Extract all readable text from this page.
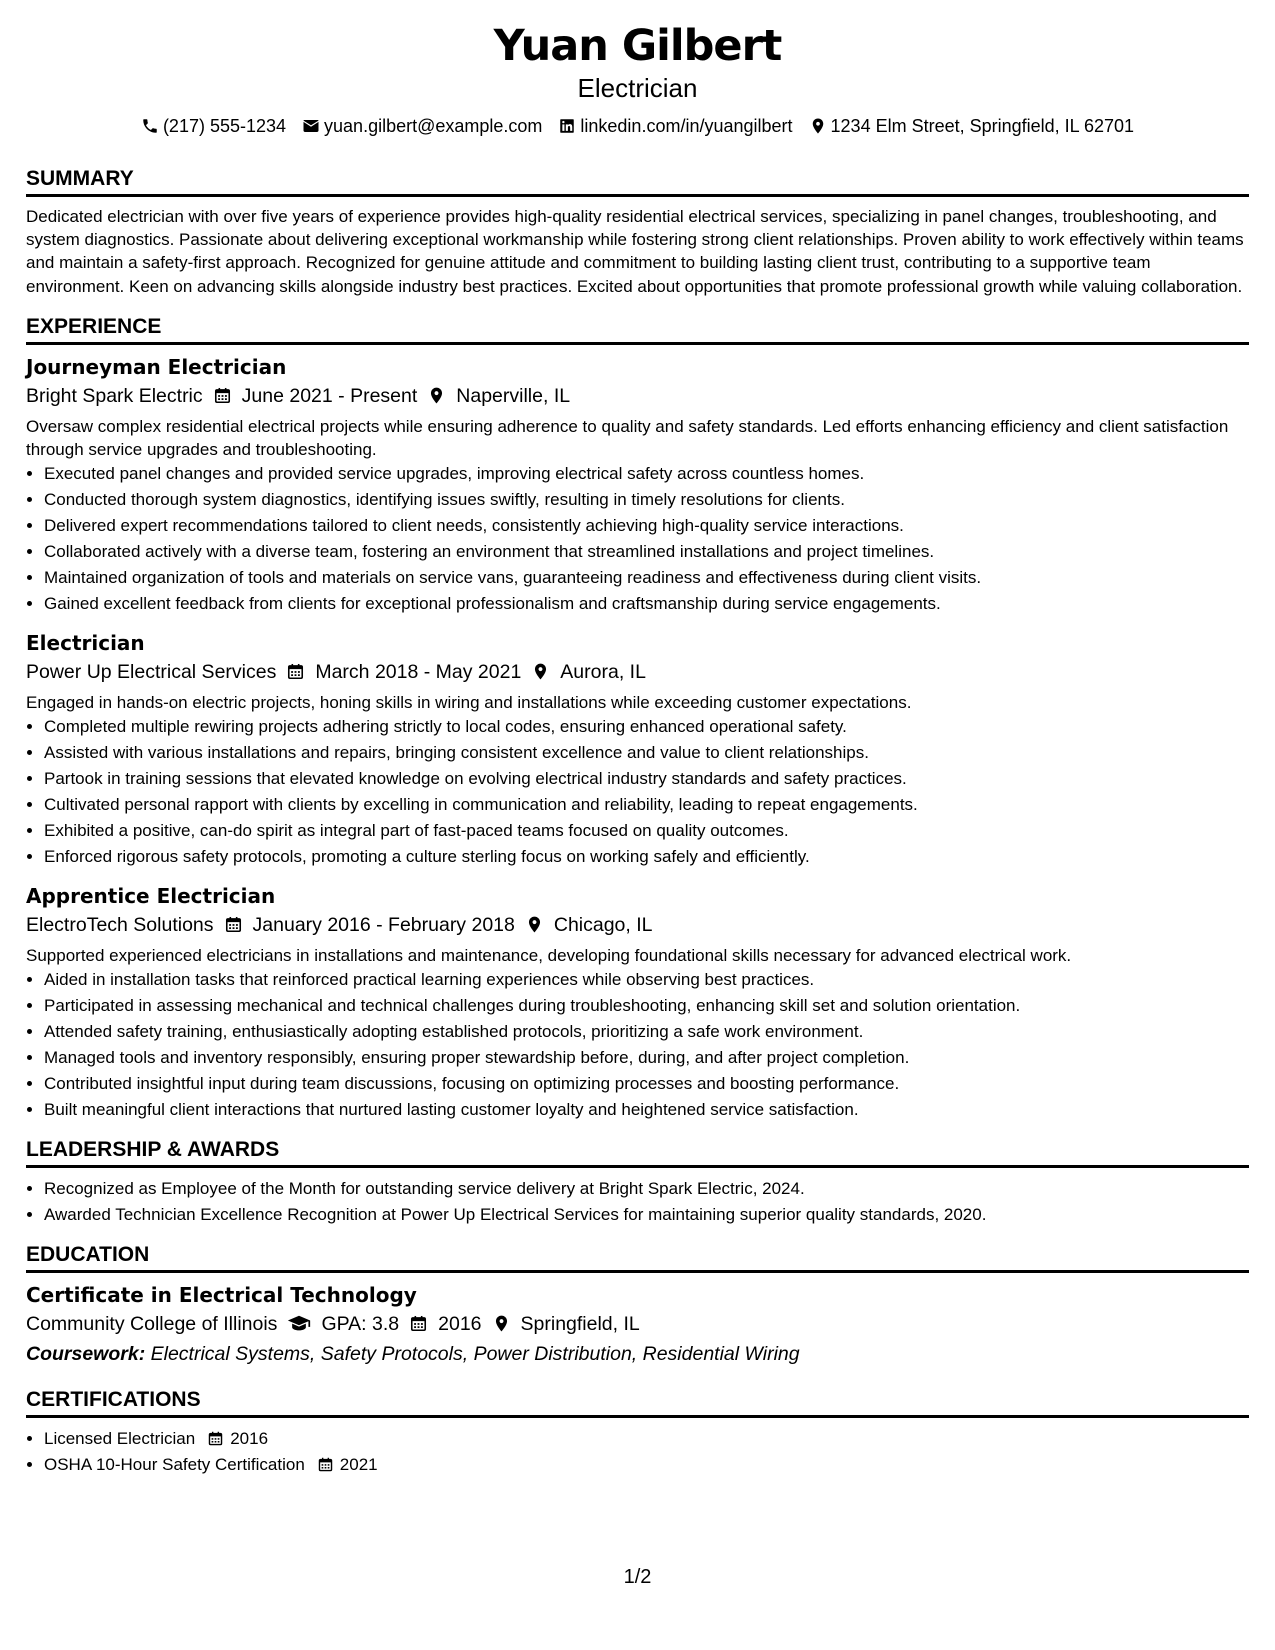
Yuan Gilbert
Electrician
(217) 555-1234 yuan.gilbert@example.com linkedin.com/in/yuangilbert 1234 Elm Street, Springfield, IL 62701
SUMMARY

Dedicated electrician with over five years of experience provides high-quality residential electrical services, specializing in panel changes, troubleshooting, and system diagnostics. Passionate about delivering exceptional workmanship while fostering strong client relationships. Proven ability to work effectively within teams and maintain a safety-first approach. Recognized for genuine attitude and commitment to building lasting client trust, contributing to a supportive team environment. Keen on advancing skills alongside industry best practices. Excited about opportunities that promote professional growth while valuing collaboration.

EXPERIENCE
Journeyman Electrician
Bright Spark Electric June 2021 - Present Naperville, IL

Oversaw complex residential electrical projects while ensuring adherence to quality and safety standards. Led efforts enhancing efficiency and client satisfaction through service upgrades and troubleshooting.

• Executed panel changes and provided service upgrades, improving electrical safety across countless homes.
• Conducted thorough system diagnostics, identifying issues swiftly, resulting in timely resolutions for clients.
• Delivered expert recommendations tailored to client needs, consistently achieving high-quality service interactions.
• Collaborated actively with a diverse team, fostering an environment that streamlined installations and project timelines.
• Maintained organization of tools and materials on service vans, guaranteeing readiness and effectiveness during client visits.
• Gained excellent feedback from clients for exceptional professionalism and craftsmanship during service engagements.
Electrician
Power Up Electrical Services March 2018 - May 2021 Aurora, IL

Engaged in hands-on electric projects, honing skills in wiring and installations while exceeding customer expectations.

• Completed multiple rewiring projects adhering strictly to local codes, ensuring enhanced operational safety.
• Assisted with various installations and repairs, bringing consistent excellence and value to client relationships.
• Partook in training sessions that elevated knowledge on evolving electrical industry standards and safety practices.
• Cultivated personal rapport with clients by excelling in communication and reliability, leading to repeat engagements.
• Exhibited a positive, can-do spirit as integral part of fast-paced teams focused on quality outcomes.
• Enforced rigorous safety protocols, promoting a culture sterling focus on working safely and efficiently.
Apprentice Electrician
ElectroTech Solutions January 2016 - February 2018 Chicago, IL

Supported experienced electricians in installations and maintenance, developing foundational skills necessary for advanced electrical work.

• Aided in installation tasks that reinforced practical learning experiences while observing best practices.
• Participated in assessing mechanical and technical challenges during troubleshooting, enhancing skill set and solution orientation.
• Attended safety training, enthusiastically adopting established protocols, prioritizing a safe work environment.
• Managed tools and inventory responsibly, ensuring proper stewardship before, during, and after project completion.
• Contributed insightful input during team discussions, focusing on optimizing processes and boosting performance.
• Built meaningful client interactions that nurtured lasting customer loyalty and heightened service satisfaction.
LEADERSHIP & AWARDS
• Recognized as Employee of the Month for outstanding service delivery at Bright Spark Electric, 2024.
• Awarded Technician Excellence Recognition at Power Up Electrical Services for maintaining superior quality standards, 2020.
EDUCATION
Certificate in Electrical Technology
Community College of Illinois GPA: 3.8 2016 Springfield, IL
Coursework: Electrical Systems, Safety Protocols, Power Distribution, Residential Wiring
CERTIFICATIONS
• Licensed Electrician 2016
• OSHA 10-Hour Safety Certification 2021
1/2
